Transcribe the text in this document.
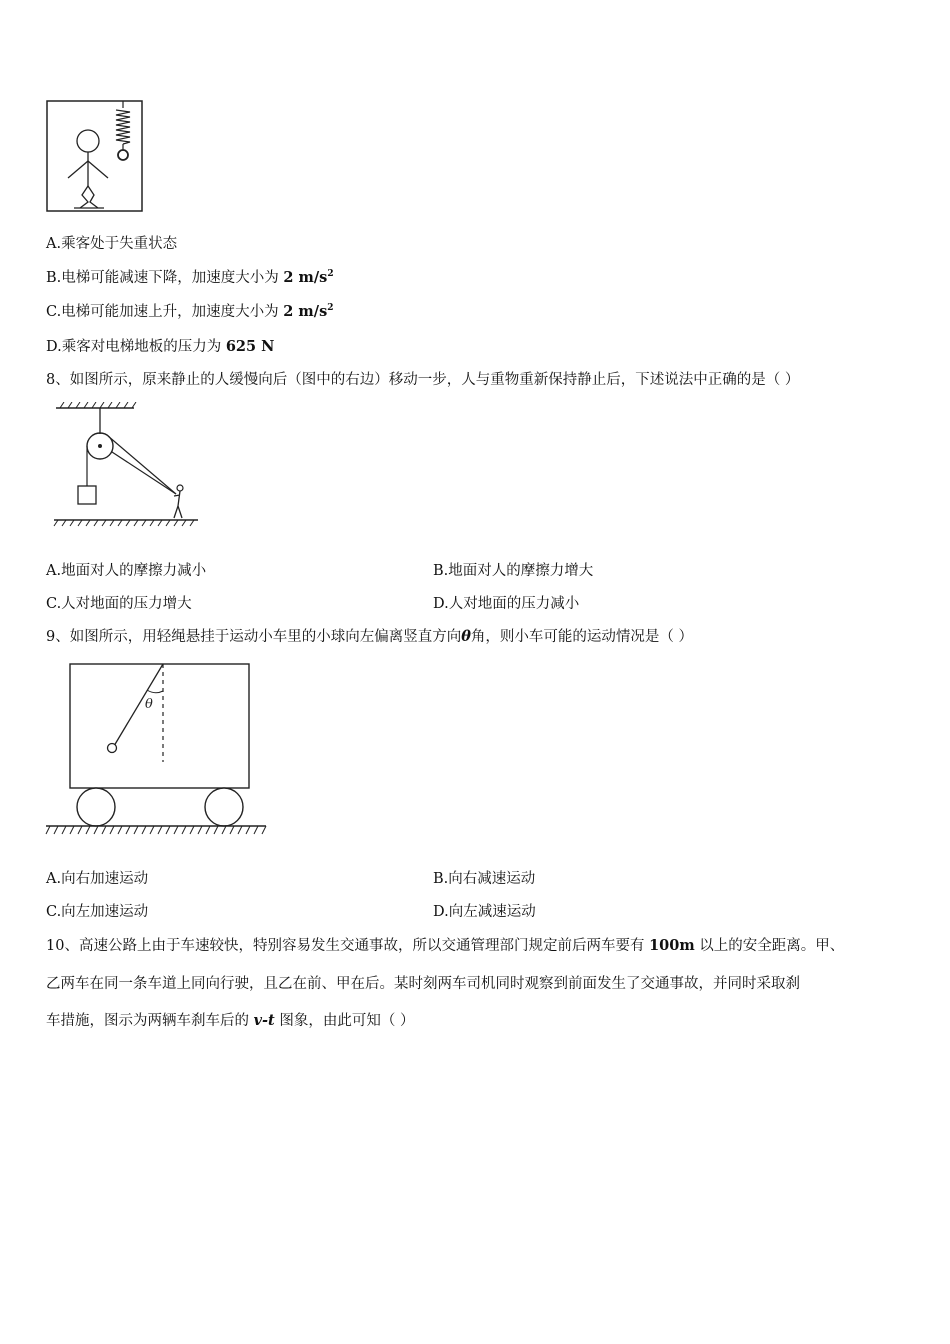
A.乘客处于失重状态
B.电梯可能减速下降，加速度大小为 2 $m/s^2$
C.电梯可能加速上升，加速度大小为 2 $m/s^2$
D.乘客对电梯地板的压力为 625 N
8、如图所示，原来静止的人缓慢向后（图中的右边）移动一步，人与重物重新保持静止后，下述说法中正确的是（ ）
A.地面对人的摩擦力减小	B.地面对人的摩擦力增大
C.人对地面的压力增大	D.人对地面的压力减小
9、如图所示，用轻绳悬挂于运动小车里的小球向左偏离竖直方向θ角，则小车可能的运动情况是（ ）
θ
A.向右加速运动	B.向右减速运动
C.向左加速运动	D.向左减速运动
10、高速公路上由于车速较快，特别容易发生交通事故，所以交通管理部门规定前后两车要有 100m 以上的安全距离。甲、
乙两车在同一条车道上同向行驶，且乙在前、甲在后。某时刻两车司机同时观察到前面发生了交通事故，并同时采取刹
车措施，图示为两辆车刹车后的 v-t 图象，由此可知（ ）
